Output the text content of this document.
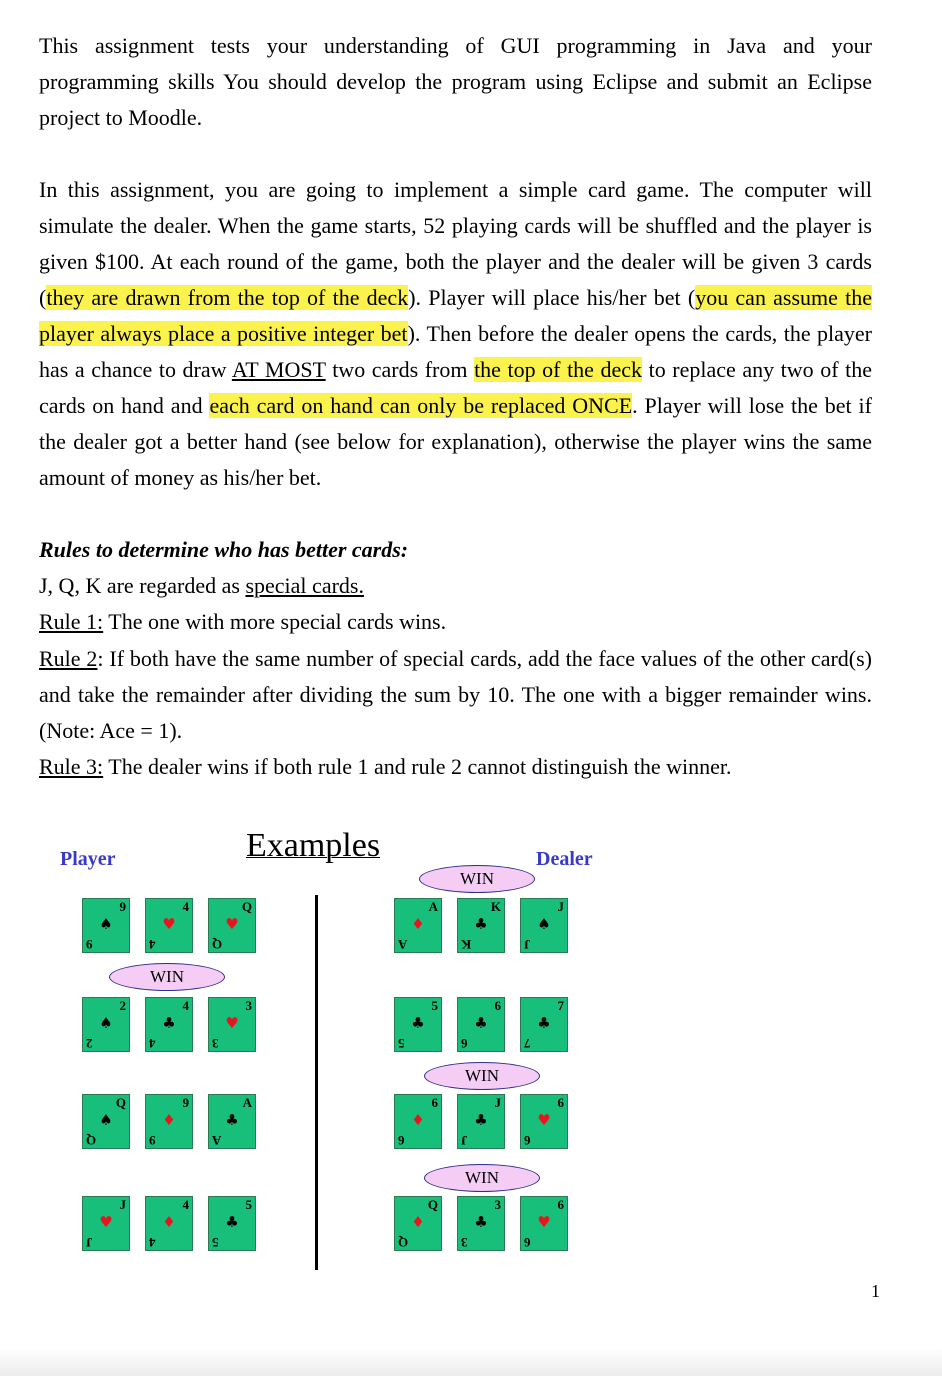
This assignment tests your understanding of GUI programming in Java and your programming skills You should develop the program using Eclipse and submit an Eclipse project to Moodle.
In this assignment, you are going to implement a simple card game. The computer will simulate the dealer. When the game starts, 52 playing cards will be shuffled and the player is given $100. At each round of the game, both the player and the dealer will be given 3 cards (they are drawn from the top of the deck). Player will place his/her bet (you can assume the player always place a positive integer bet). Then before the dealer opens the cards, the player has a chance to draw AT MOST two cards from the top of the deck to replace any two of the cards on hand and each card on hand can only be replaced ONCE. Player will lose the bet if the dealer got a better hand (see below for explanation), otherwise the player wins the same amount of money as his/her bet.
Rules to determine who has better cards:
J, Q, K are regarded as special cards.
Rule 1: The one with more special cards wins.
Rule 2: If both have the same number of special cards, add the face values of the other card(s) and take the remainder after dividing the sum by 10. The one with a bigger remainder wins. (Note: Ace = 1).
Rule 3: The dealer wins if both rule 1 and rule 2 cannot distinguish the winner.
Examples
Player	Dealer
9
♠
9
4
♥
4
Q
♥
Q
2
♠
2
4
♣
4
3
♥
3
Q
♠
Q
9
♦
9
A
♣
A
J
♥
J
4
♦
4
5
♣
5
A
♦
A
K
♣
K
J
♠
J
5
♣
5
6
♣
6
7
♣
7
6
♦
6
J
♣
J
6
♥
6
Q
♦
Q
3
♣
3
6
♥
6
WIN
WIN
WIN
WIN
1
